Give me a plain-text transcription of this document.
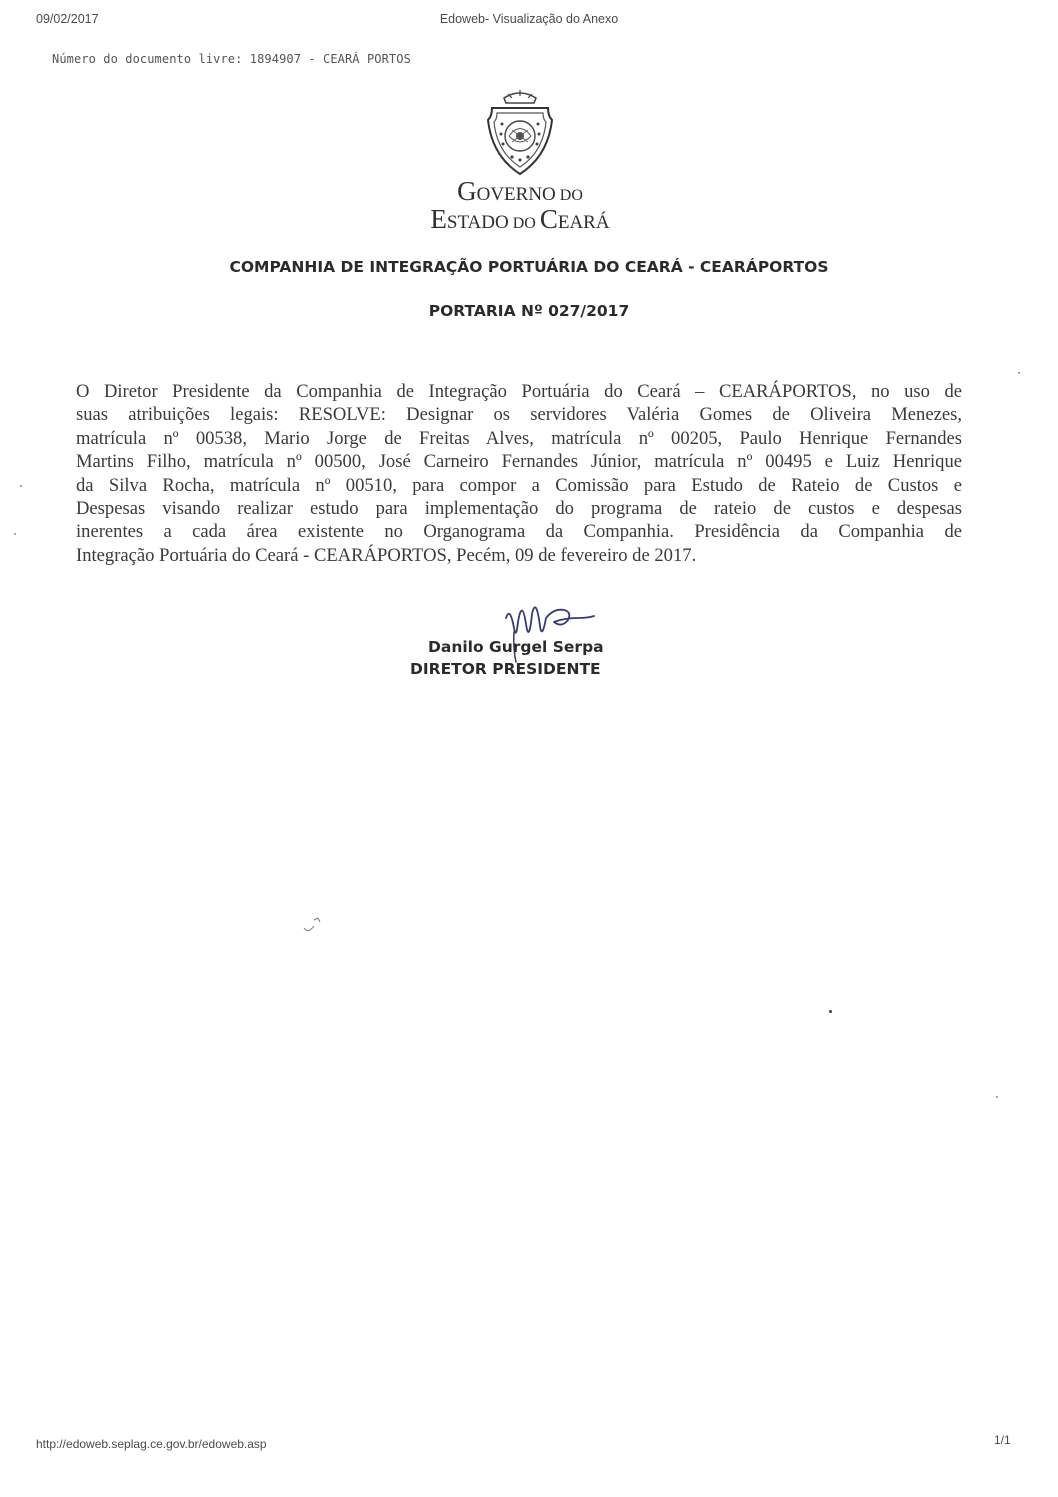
09/02/2017	Edoweb- Visualização do Anexo
Número do documento livre: 1894907 - CEARÁ PORTOS
GOVERNO DO
ESTADO DO CEARÁ
COMPANHIA DE INTEGRAÇÃO PORTUÁRIA DO CEARÁ - CEARÁPORTOS
PORTARIA Nº 027/2017
O Diretor Presidente da Companhia de Integração Portuária do Ceará – CEARÁPORTOS, no uso de
suas atribuições legais: RESOLVE: Designar os servidores Valéria Gomes de Oliveira Menezes,
matrícula nº 00538, Mario Jorge de Freitas Alves, matrícula nº 00205, Paulo Henrique Fernandes
Martins Filho, matrícula nº 00500, José Carneiro Fernandes Júnior, matrícula nº 00495 e Luiz Henrique
da Silva Rocha, matrícula nº 00510, para compor a Comissão para Estudo de Rateio de Custos e
Despesas visando realizar estudo para implementação do programa de rateio de custos e despesas
inerentes a cada área existente no Organograma da Companhia. Presidência da Companhia de
Integração Portuária do Ceará - CEARÁPORTOS, Pecém, 09 de fevereiro de 2017.
Danilo Gurgel Serpa
DIRETOR PRESIDENTE
http://edoweb.seplag.ce.gov.br/edoweb.asp	1/1
